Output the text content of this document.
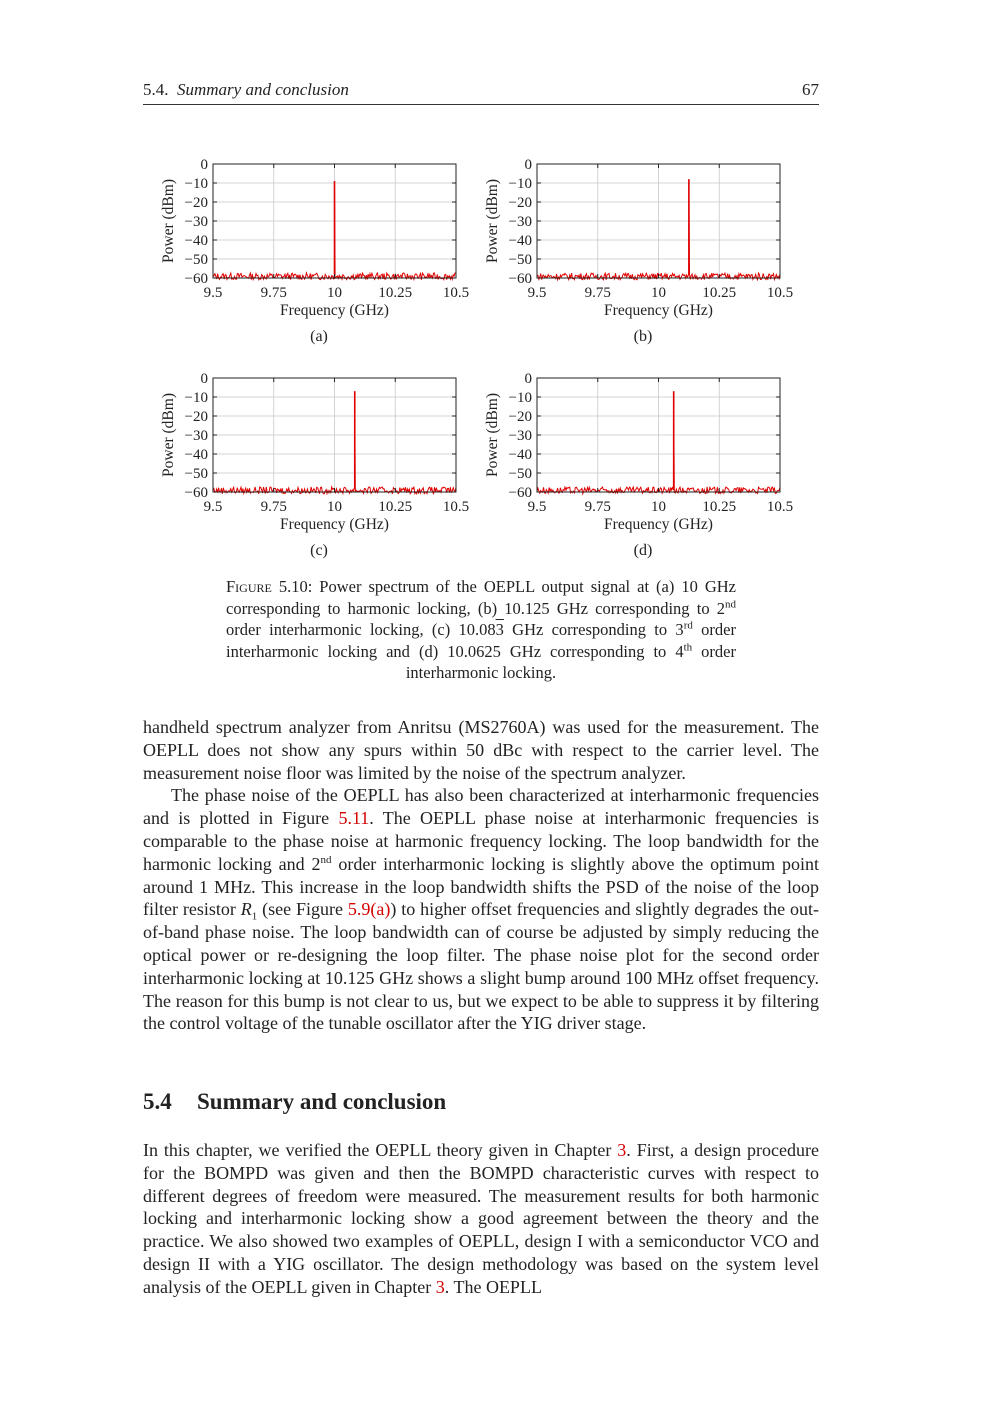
5.4. Summary and conclusion	67
0
−10
−20
−30
−40
−50
−60
9.5	9.75	10 10.25 10.5
Frequency (GHz)
Power (dBm)
0
−10
−20
−30
−40
−50
−60
9.5	9.75	10 10.25 10.5
Frequency (GHz)
Power (dBm)
0
−10
−20
−30
−40
−50
−60
9.5	9.75	10 10.25 10.5
Frequency (GHz)
Power (dBm)
0
−10
−20
−30
−40
−50
−60
9.5	9.75	10 10.25 10.5
Frequency (GHz)
Power (dBm)
(a)	(b)
(c)	(d)
Figure 5.10: Power spectrum of the OEPLL output signal at (a) 10 GHz corresponding to harmonic locking, (b) 10.125 GHz corresponding to 2nd order interharmonic locking, (c) 10.083 GHz corresponding to 3rd order interharmonic locking and (d) 10.0625 GHz corresponding to 4th order interharmonic locking.

handheld spectrum analyzer from Anritsu (MS2760A) was used for the measurement. The OEPLL does not show any spurs within 50 dBc with respect to the carrier level. The measurement noise floor was limited by the noise of the spectrum analyzer.

The phase noise of the OEPLL has also been characterized at interharmonic frequencies and is plotted in Figure 5.11. The OEPLL phase noise at interharmonic frequencies is comparable to the phase noise at harmonic frequency locking. The loop bandwidth for the harmonic locking and 2nd order interharmonic locking is slightly above the optimum point around 1 MHz. This increase in the loop bandwidth shifts the PSD of the noise of the loop filter resistor $R_1$ (see Figure 5.9(a)) to higher offset frequencies and slightly degrades the out-of-band phase noise. The loop bandwidth can of course be adjusted by simply reducing the optical power or re-designing the loop filter. The phase noise plot for the second order interharmonic locking at 10.125 GHz shows a slight bump around 100 MHz offset frequency. The reason for this bump is not clear to us, but we expect to be able to suppress it by filtering the control voltage of the tunable oscillator after the YIG driver stage.

5.4 Summary and conclusion

In this chapter, we verified the OEPLL theory given in Chapter 3. First, a design procedure for the BOMPD was given and then the BOMPD characteristic curves with respect to different degrees of freedom were measured. The measurement results for both harmonic locking and interharmonic locking show a good agreement between the theory and the practice. We also showed two examples of OEPLL, design I with a semiconductor VCO and design II with a YIG oscillator. The design methodology was based on the system level analysis of the OEPLL given in Chapter 3. The OEPLL
